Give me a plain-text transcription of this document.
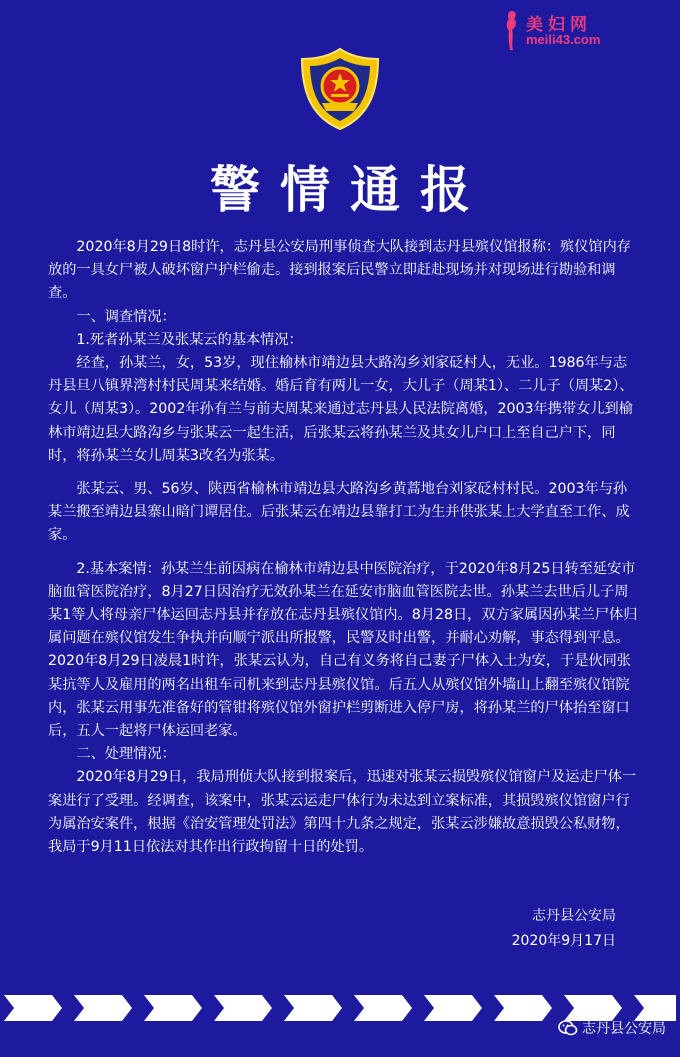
美妇网
meili43.com
警情通报

2020年8月29日8时许，志丹县公安局刑事侦查大队接到志丹县殡仪馆报称：殡仪馆内存放的一具女尸被人破坏窗户护栏偷走。接到报案后民警立即赶赴现场并对现场进行勘验和调查。

一、调查情况：

1.死者孙某兰及张某云的基本情况：

经查，孙某兰，女，53岁，现住榆林市靖边县大路沟乡刘家砭村人，无业。1986年与志丹县旦八镇界湾村村民周某来结婚。婚后育有两儿一女，大儿子（周某1）、二儿子（周某2）、女儿（周某3）。2002年孙有兰与前夫周某来通过志丹县人民法院离婚，2003年携带女儿到榆林市靖边县大路沟乡与张某云一起生活，后张某云将孙某兰及其女儿户口上至自己户下，同时，将孙某兰女儿周某3改名为张某。

张某云、男、56岁、陕西省榆林市靖边县大路沟乡黄蒿地台刘家砭村村民。2003年与孙某兰搬至靖边县寨山暗门谭居住。后张某云在靖边县靠打工为生并供张某上大学直至工作、成家。

2.基本案情：孙某兰生前因病在榆林市靖边县中医院治疗，于2020年8月25日转至延安市脑血管医院治疗，8月27日因治疗无效孙某兰在延安市脑血管医院去世。孙某兰去世后儿子周某1等人将母亲尸体运回志丹县并存放在志丹县殡仪馆内。8月28日，双方家属因孙某兰尸体归属问题在殡仪馆发生争执并向顺宁派出所报警，民警及时出警，并耐心劝解，事态得到平息。2020年8月29日凌晨1时许，张某云认为，自己有义务将自己妻子尸体入土为安，于是伙同张某抗等人及雇用的两名出租车司机来到志丹县殡仪馆。后五人从殡仪馆外墙山上翻至殡仪馆院内，张某云用事先准备好的管钳将殡仪馆外窗护栏剪断进入停尸房，将孙某兰的尸体抬至窗口后，五人一起将尸体运回老家。

二、处理情况：

2020年8月29日，我局刑侦大队接到报案后，迅速对张某云损毁殡仪馆窗户及运走尸体一案进行了受理。经调查，该案中，张某云运走尸体行为未达到立案标准，其损毁殡仪馆窗户行为属治安案件，根据《治安管理处罚法》第四十九条之规定，张某云涉嫌故意损毁公私财物，我局于9月11日依法对其作出行政拘留十日的处罚。

志丹县公安局
2020年9月17日
志丹县公安局
